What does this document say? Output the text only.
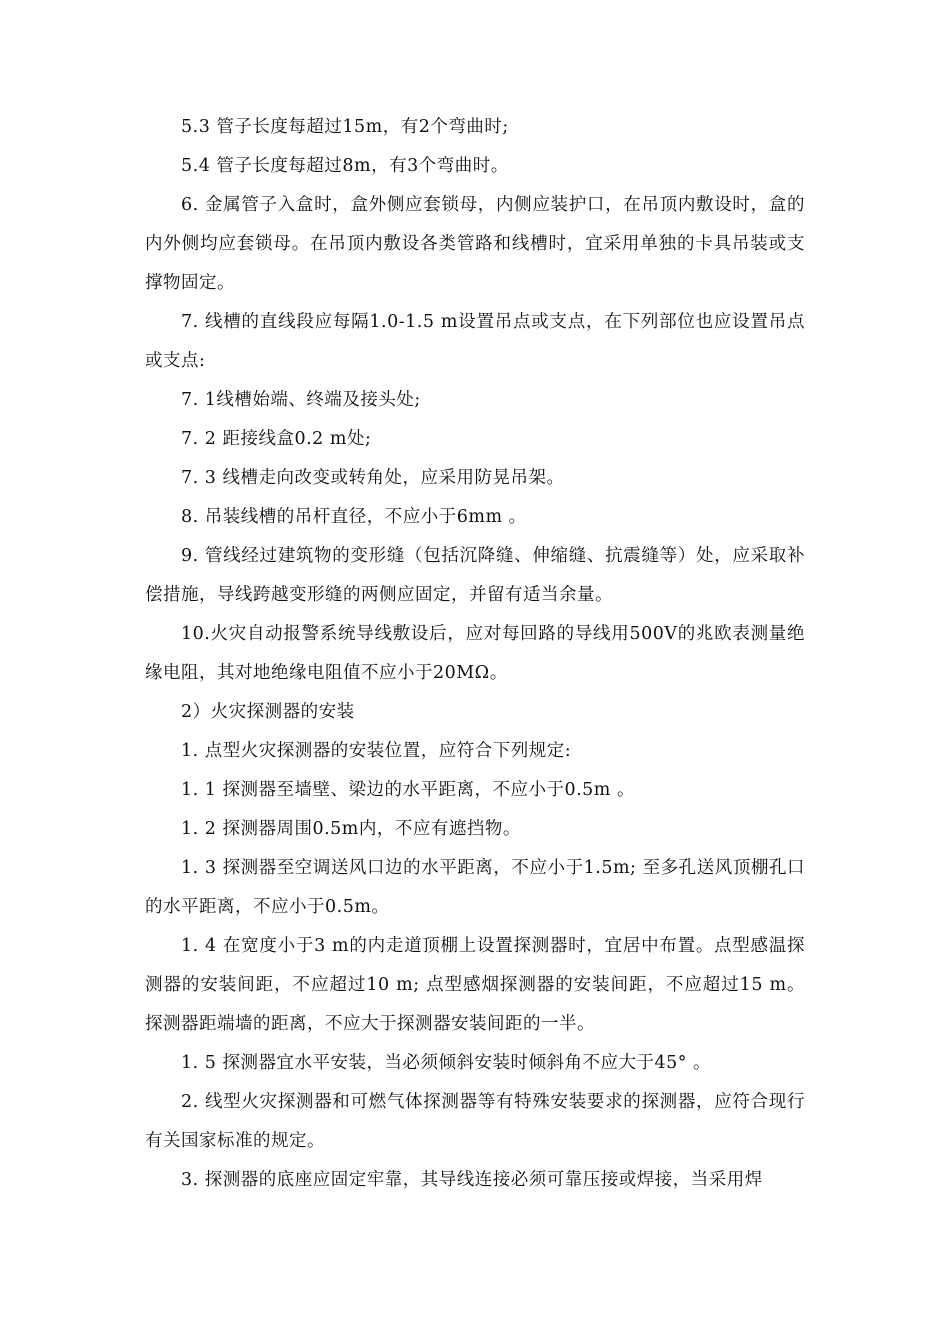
5.3 管子长度每超过15m，有2个弯曲时;

5.4 管子长度每超过8m，有3个弯曲时。

6. 金属管子入盒时，盒外侧应套锁母，内侧应装护口，在吊顶内敷设时，盒的内外侧均应套锁母。在吊顶内敷设各类管路和线槽时，宜采用单独的卡具吊装或支撑物固定。

7. 线槽的直线段应每隔1.0-1.5 m设置吊点或支点，在下列部位也应设置吊点或支点:

7. 1线槽始端、终端及接头处;

7. 2 距接线盒0.2 m处;

7. 3 线槽走向改变或转角处，应采用防晃吊架。

8. 吊装线槽的吊杆直径，不应小于6mm 。

9. 管线经过建筑物的变形缝（包括沉降缝、伸缩缝、抗震缝等）处，应采取补偿措施，导线跨越变形缝的两侧应固定，并留有适当余量。

10.火灾自动报警系统导线敷设后，应对每回路的导线用500V的兆欧表测量绝缘电阻，其对地绝缘电阻值不应小于20MΩ。

2）火灾探测器的安装

1. 点型火灾探测器的安装位置，应符合下列规定:

1. 1 探测器至墙壁、梁边的水平距离，不应小于0.5m 。

1. 2 探测器周围0.5m内，不应有遮挡物。

1. 3 探测器至空调送风口边的水平距离，不应小于1.5m; 至多孔送风顶棚孔口的水平距离，不应小于0.5m。

1. 4 在宽度小于3 m的内走道顶棚上设置探测器时，宜居中布置。点型感温探测器的安装间距，不应超过10 m; 点型感烟探测器的安装间距，不应超过15 m。探测器距端墙的距离，不应大于探测器安装间距的一半。

1. 5 探测器宜水平安装，当必须倾斜安装时倾斜角不应大于45° 。

2. 线型火灾探测器和可燃气体探测器等有特殊安装要求的探测器，应符合现行有关国家标准的规定。

3. 探测器的底座应固定牢靠，其导线连接必须可靠压接或焊接，当采用焊
